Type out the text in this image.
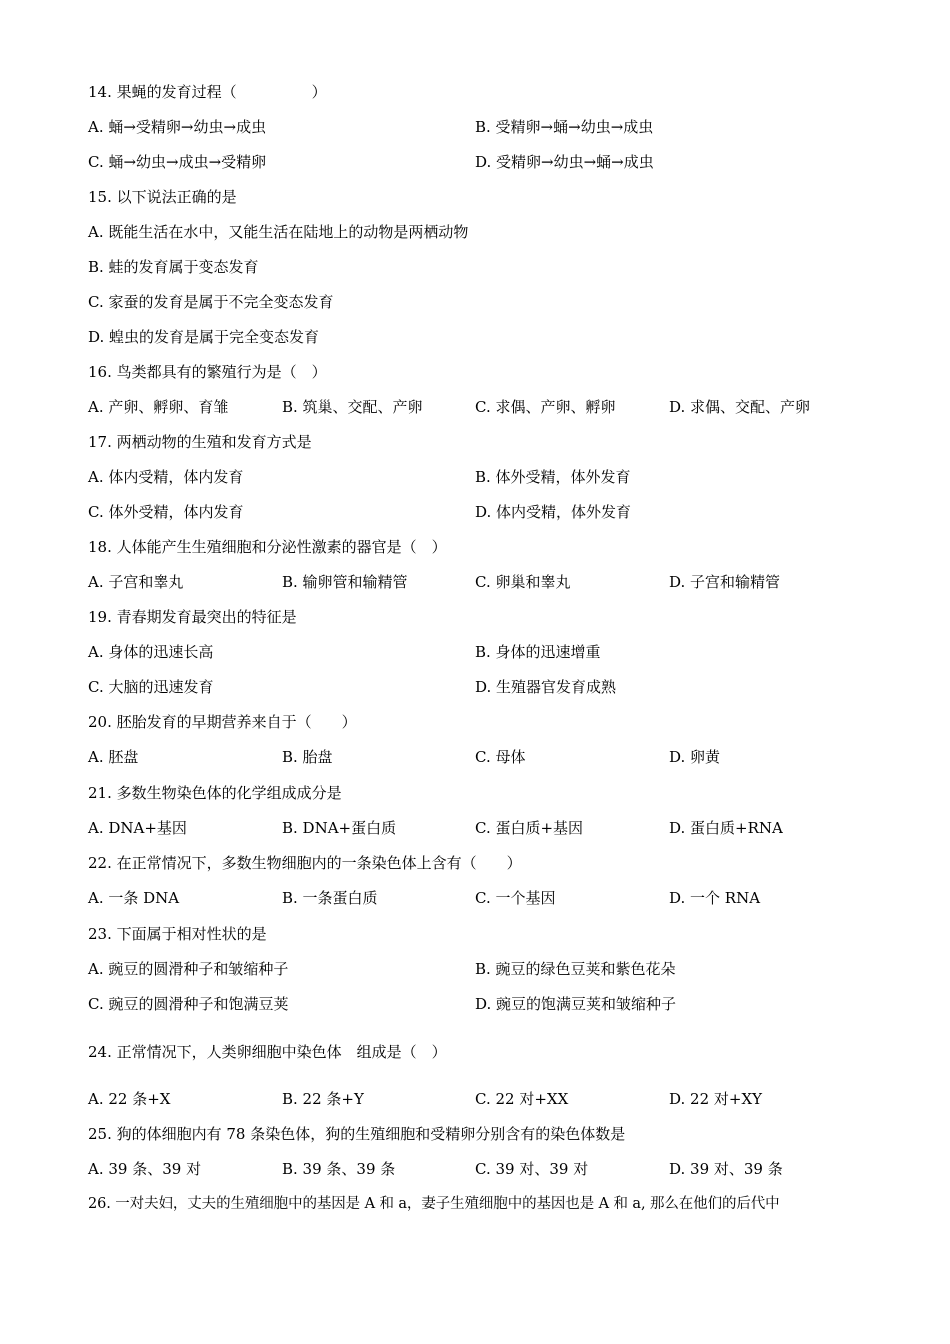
14. 果蝇的发育过程（　　　　　）
A. 蛹→受精卵→幼虫→成虫	B. 受精卵→蛹→幼虫→成虫
C. 蛹→幼虫→成虫→受精卵	D. 受精卵→幼虫→蛹→成虫
15. 以下说法正确的是
A. 既能生活在水中，又能生活在陆地上的动物是两栖动物
B. 蛙的发育属于变态发育
C. 家蚕的发育是属于不完全变态发育
D. 蝗虫的发育是属于完全变态发育
16. 鸟类都具有的繁殖行为是（　）
A. 产卵、孵卵、育雏	B. 筑巢、交配、产卵	C. 求偶、产卵、孵卵	D. 求偶、交配、产卵
17. 两栖动物的生殖和发育方式是
A. 体内受精，体内发育	B. 体外受精，体外发育
C. 体外受精，体内发育	D. 体内受精，体外发育
18. 人体能产生生殖细胞和分泌性激素的器官是（　）
A. 子宫和睾丸	B. 输卵管和输精管	C. 卵巢和睾丸	D. 子宫和输精管
19. 青春期发育最突出的特征是
A. 身体的迅速长高	B. 身体的迅速增重
C. 大脑的迅速发育	D. 生殖器官发育成熟
20. 胚胎发育的早期营养来自于（　　）
A. 胚盘	B. 胎盘	C. 母体	D. 卵黄
21. 多数生物染色体的化学组成成分是
A. DNA+基因	B. DNA+蛋白质	C. 蛋白质+基因	D. 蛋白质+RNA
22. 在正常情况下，多数生物细胞内的一条染色体上含有（　　）
A. 一条 DNA	B. 一条蛋白质	C. 一个基因	D. 一个 RNA
23. 下面属于相对性状的是
A. 豌豆的圆滑种子和皱缩种子	B. 豌豆的绿色豆荚和紫色花朵
C. 豌豆的圆滑种子和饱满豆荚	D. 豌豆的饱满豆荚和皱缩种子
24. 正常情况下，人类卵细胞中染色体　组成是（　）
A. 22 条+X	B. 22 条+Y	C. 22 对+XX	D. 22 对+XY
25. 狗的体细胞内有 78 条染色体，狗的生殖细胞和受精卵分别含有的染色体数是
A. 39 条、39 对	B. 39 条、39 条	C. 39 对、39 对	D. 39 对、39 条
26. 一对夫妇，丈夫的生殖细胞中的基因是 A 和 a，妻子生殖细胞中的基因也是 A 和 a, 那么在他们的后代中
